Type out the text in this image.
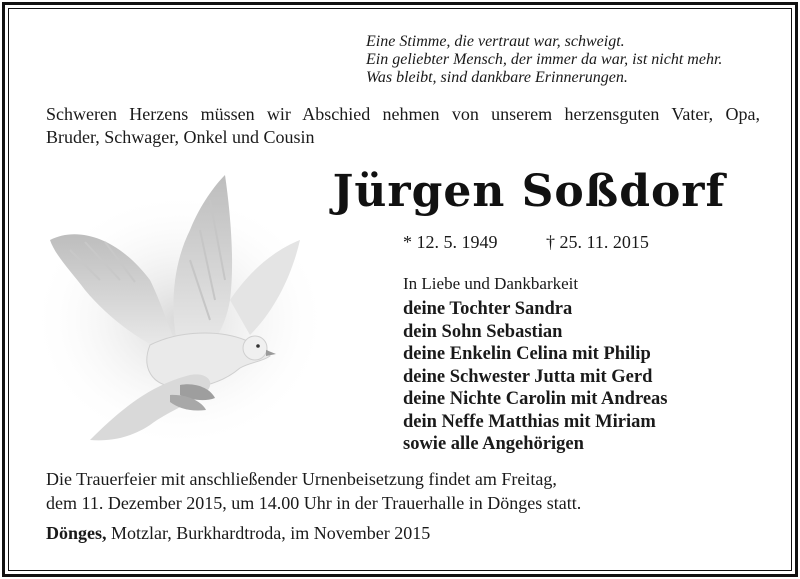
Eine Stimme, die vertraut war, schweigt.
Ein geliebter Mensch, der immer da war, ist nicht mehr.
Was bleibt, sind dankbare Erinnerungen.
Schweren Herzens müssen wir Abschied nehmen von unserem herzensguten Vater, Opa,
Bruder, Schwager, Onkel und Cousin
Jürgen Soßdorf
* 12. 5. 1949	† 25. 11. 2015
In Liebe und Dankbarkeit
deine Tochter Sandra
dein Sohn Sebastian
deine Enkelin Celina mit Philip
deine Schwester Jutta mit Gerd
deine Nichte Carolin mit Andreas
dein Neffe Matthias mit Miriam
sowie alle Angehörigen
Die Trauerfeier mit anschließender Urnenbeisetzung findet am Freitag,
dem 11. Dezember 2015, um 14.00 Uhr in der Trauerhalle in Dönges statt.
Dönges, Motzlar, Burkhardtroda, im November 2015
